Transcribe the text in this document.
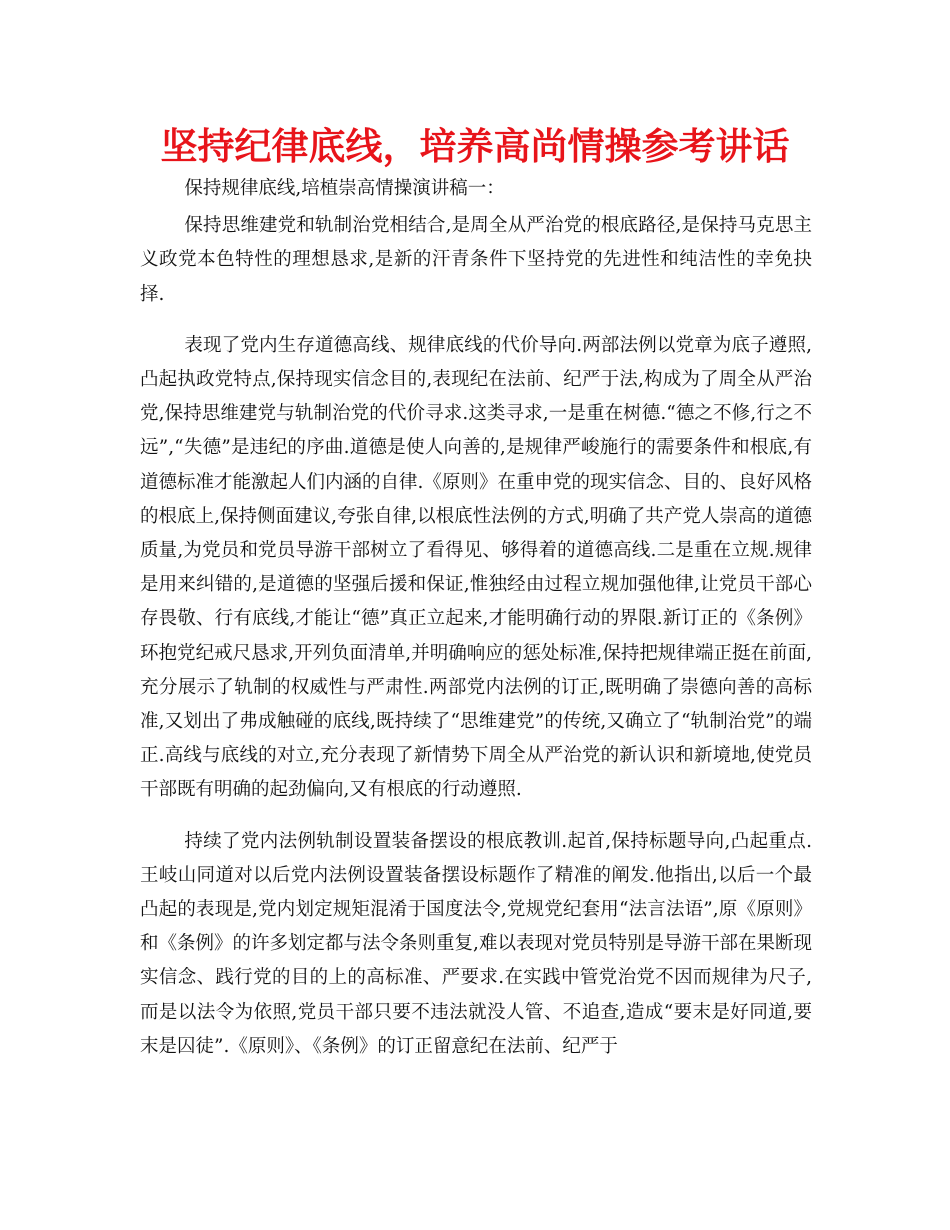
坚持纪律底线，培养高尚情操参考讲话

保持规律底线,培植崇高情操演讲稿一：

保持思维建党和轨制治党相结合,是周全从严治党的根底路径,是保持马克思主义政党本色特性的理想恳求,是新的汗青条件下坚持党的先进性和纯洁性的幸免抉择.

表现了党内生存道德高线、规律底线的代价导向.两部法例以党章为底子遵照,凸起执政党特点,保持现实信念目的,表现纪在法前、纪严于法,构成为了周全从严治党,保持思维建党与轨制治党的代价寻求.这类寻求,一是重在树德.“德之不修,行之不远”,“失德”是违纪的序曲.道德是使人向善的,是规律严峻施行的需要条件和根底,有道德标准才能激起人们内涵的自律.《原则》在重申党的现实信念、目的、良好风格的根底上,保持侧面建议,夸张自律,以根底性法例的方式,明确了共产党人崇高的道德质量,为党员和党员导游干部树立了看得见、够得着的道德高线.二是重在立规.规律是用来纠错的,是道德的坚强后援和保证,惟独经由过程立规加强他律,让党员干部心存畏敬、行有底线,才能让“德”真正立起来,才能明确行动的界限.新订正的《条例》环抱党纪戒尺恳求,开列负面清单,并明确响应的惩处标准,保持把规律端正挺在前面,充分展示了轨制的权威性与严肃性.两部党内法例的订正,既明确了崇德向善的高标准,又划出了弗成触碰的底线,既持续了“思维建党”的传统,又确立了“轨制治党”的端正.高线与底线的对立,充分表现了新情势下周全从严治党的新认识和新境地,使党员干部既有明确的起劲偏向,又有根底的行动遵照.

持续了党内法例轨制设置装备摆设的根底教训.起首,保持标题导向,凸起重点.王岐山同道对以后党内法例设置装备摆设标题作了精准的阐发.他指出,以后一个最凸起的表现是,党内划定规矩混淆于国度法令,党规党纪套用“法言法语”,原《原则》和《条例》的许多划定都与法令条则重复,难以表现对党员特别是导游干部在果断现实信念、践行党的目的上的高标准、严要求.在实践中管党治党不因而规律为尺子,而是以法令为依照,党员干部只要不违法就没人管、不追查,造成“要末是好同道,要末是囚徒”.《原则》、《条例》的订正留意纪在法前、纪严于
